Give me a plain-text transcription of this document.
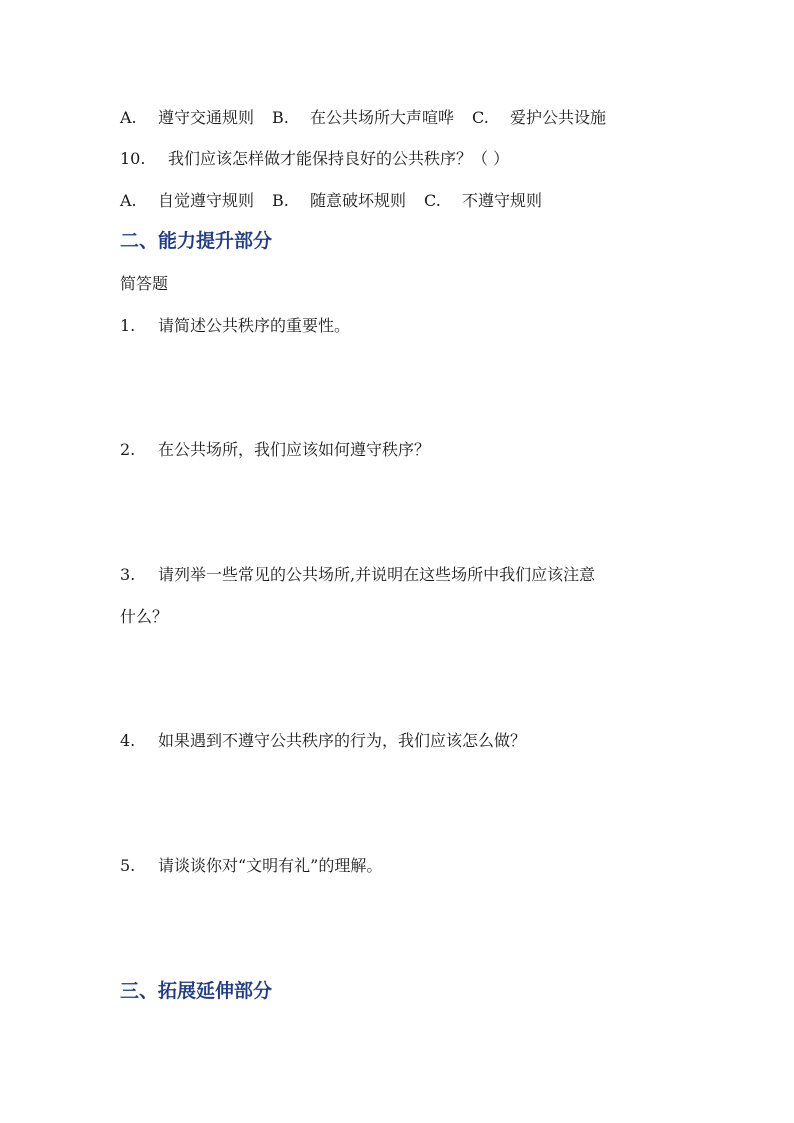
A. 遵守交通规则 B. 在公共场所大声喧哗 C. 爱护公共设施
10. 我们应该怎样做才能保持良好的公共秩序？（ ）
A. 自觉遵守规则 B. 随意破坏规则 C. 不遵守规则
二、能力提升部分
简答题
1. 请简述公共秩序的重要性。
2. 在公共场所，我们应该如何遵守秩序？
3. 请列举一些常见的公共场所,并说明在这些场所中我们应该注意
什么？
4. 如果遇到不遵守公共秩序的行为，我们应该怎么做？
5. 请谈谈你对“文明有礼”的理解。
三、拓展延伸部分
